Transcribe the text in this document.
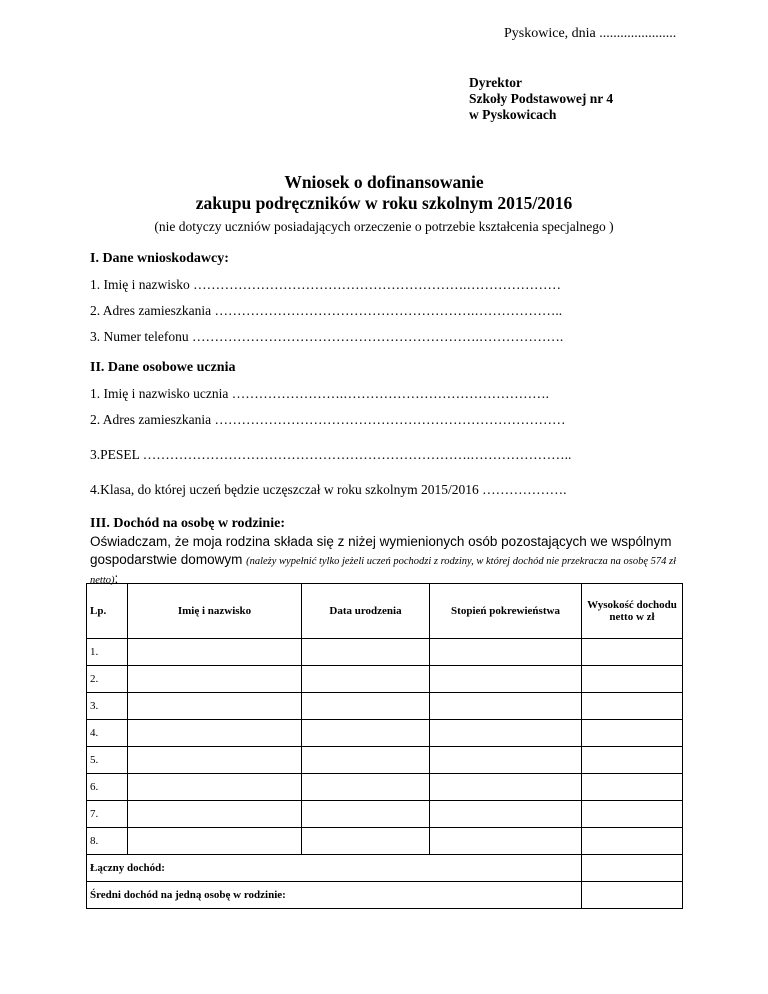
Pyskowice, dnia ......................
Dyrektor
Szkoły Podstawowej nr 4
w Pyskowicach
Wniosek o dofinansowanie
zakupu podręczników w roku szkolnym 2015/2016
(nie dotyczy uczniów posiadających orzeczenie o potrzebie kształcenia specjalnego )
I. Dane wnioskodawcy:
1. Imię i nazwisko …………………………………………………….…………………
2. Adres zamieszkania ………………………………………………….………………..
3. Numer telefonu ……………………………………………………….……………….
II. Dane osobowe ucznia
1. Imię i nazwisko ucznia …………………….……………………………………….
2. Adres zamieszkania ……………………………………………………………………
3.PESEL ……………………………………………………………….…………………..
4.Klasa, do której uczeń będzie uczęszczał w roku szkolnym 2015/2016 ……………….
III. Dochód na osobę w rodzinie:
Oświadczam, że moja rodzina składa się z niżej wymienionych osób pozostających we wspólnym gospodarstwie domowym (należy wypełnić tylko jeżeli uczeń pochodzi z rodziny, w której dochód nie przekracza na osobę 574 zł netto):
Lp.	Imię i nazwisko	Data urodzenia	Stopień pokrewieństwa	Wysokość dochodu netto w zł
1.				
2.				
3.				
4.				
5.				
6.				
7.				
8.				
Łączny dochód:				
Średni dochód na jedną osobę w rodzinie:				
